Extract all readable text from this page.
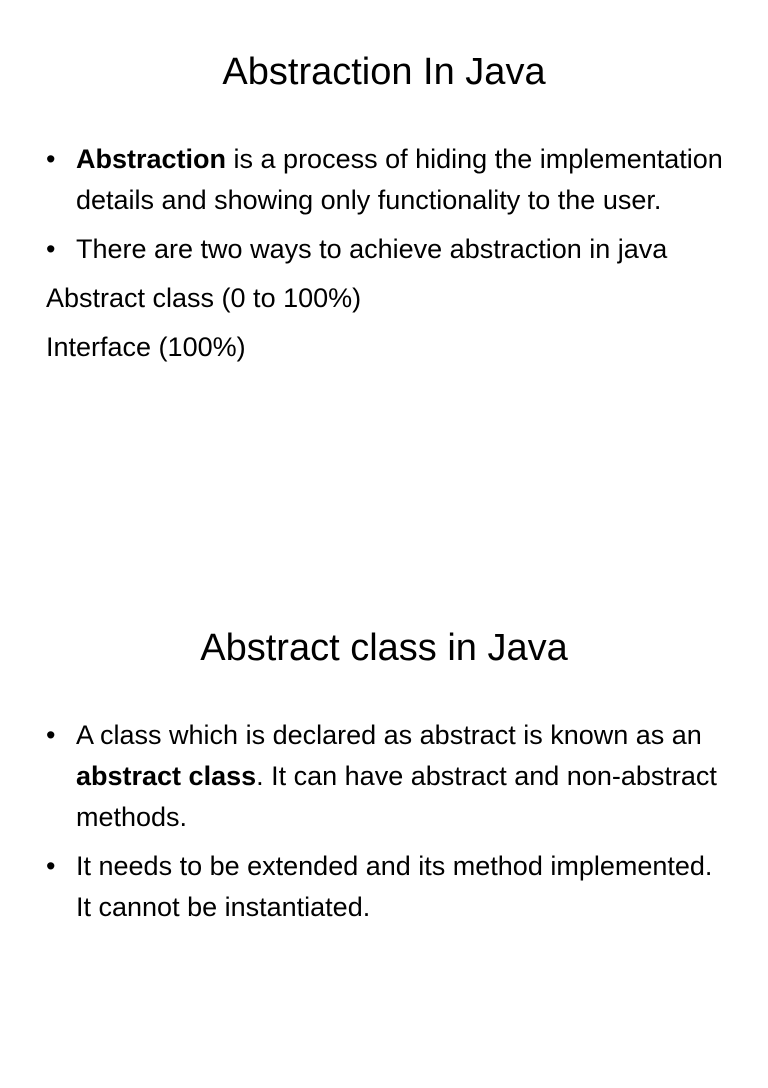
Abstraction In Java
• Abstraction is a process of hiding the implementation details and showing only functionality to the user.
• There are two ways to achieve abstraction in java
Abstract class (0 to 100%)
Interface (100%)
Abstract class in Java
• A class which is declared as abstract is known as an abstract class. It can have abstract and non-abstract methods.
• It needs to be extended and its method implemented. It cannot be instantiated.
